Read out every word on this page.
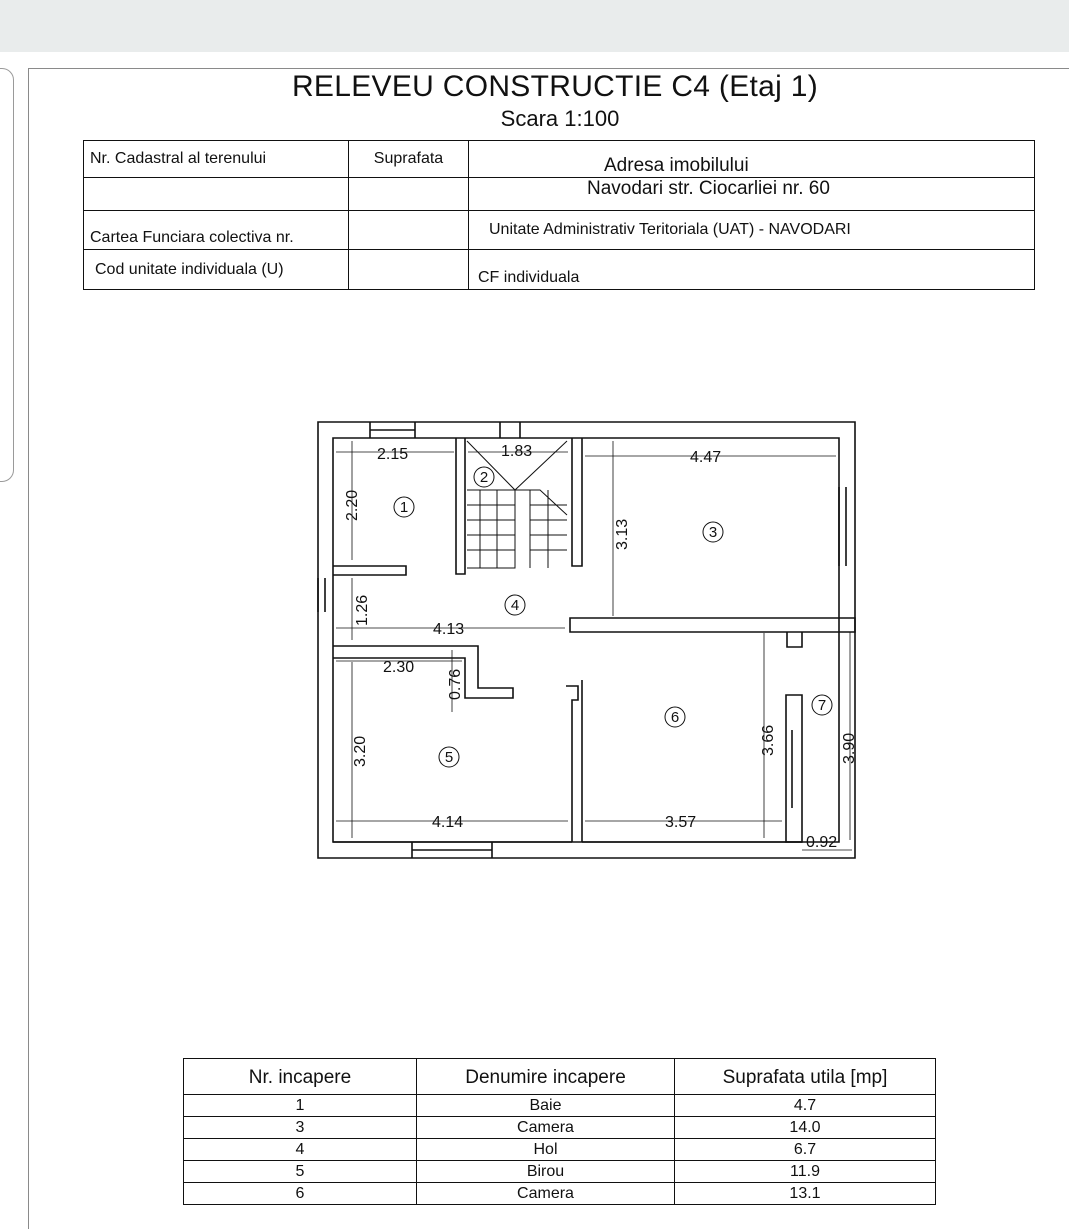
RELEVEU CONSTRUCTIE C4 (Etaj 1)
Scara 1:100
Nr. Cadastral al terenului	Suprafata	Adresa imobilului
		Navodari str. Ciocarliei nr. 60
Cartea Funciara colectiva nr.		Unitate Administrativ Teritoriala (UAT) - NAVODARI
Cod unitate individuala (U)		CF individuala
2.15	1.83	4.47
4.13
2.30
4.14	3.57
0.92
2.20
3.13
1.26
0.76
3.20	3.66	3.90
1
2
3
4
5
6
7
Nr. incapere	Denumire incapere	Suprafata utila [mp]
1	Baie	4.7
3	Camera	14.0
4	Hol	6.7
5	Birou	11.9
6	Camera	13.1
